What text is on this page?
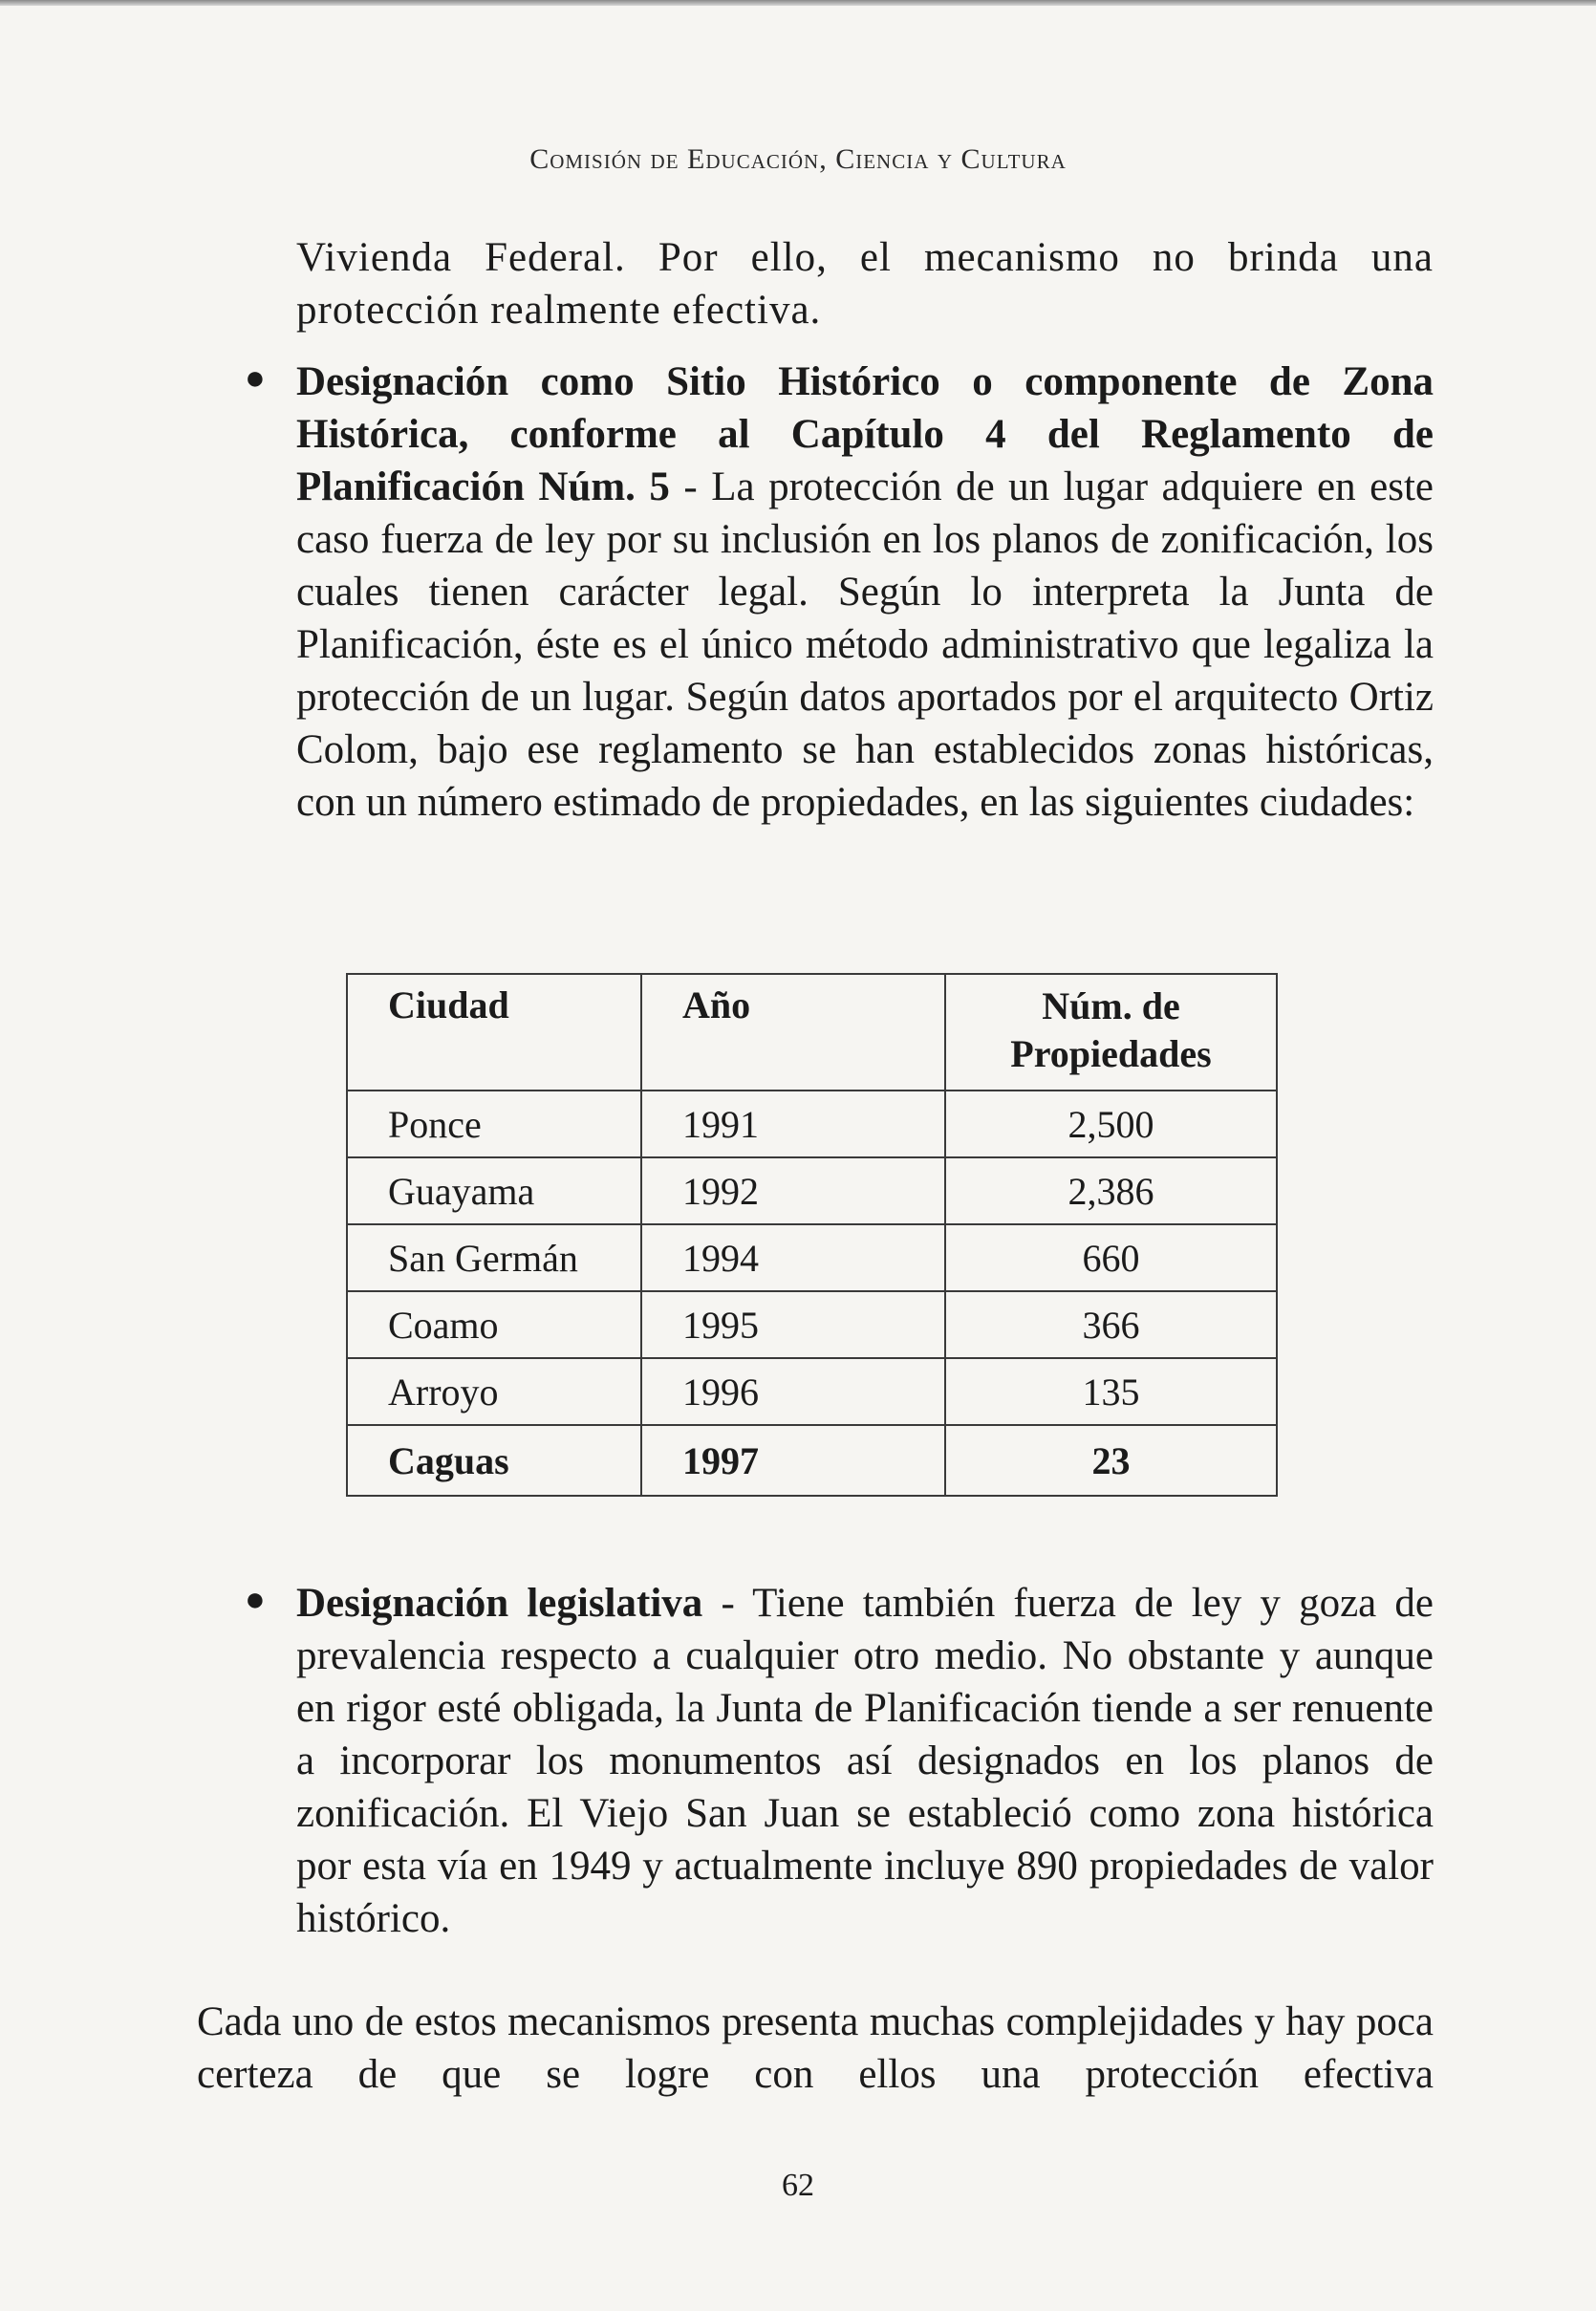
Comisión de Educación, Ciencia y Cultura

Vivienda Federal. Por ello, el mecanismo no brinda una protección realmente efectiva.

● Designación como Sitio Histórico o componente de Zona Histórica, conforme al Capítulo 4 del Reglamento de Planificación Núm. 5 - La protección de un lugar adquiere en este caso fuerza de ley por su inclusión en los planos de zonificación, los cuales tienen carácter legal. Según lo interpreta la Junta de Planificación, éste es el único método administrativo que legaliza la protección de un lugar. Según datos aportados por el arquitecto Ortiz Colom, bajo ese reglamento se han establecidos zonas históricas, con un número estimado de propiedades, en las siguientes ciudades:

Ciudad	Año	Núm. de Propiedades
Ponce	1991	2,500
Guayama	1992	2,386
San Germán	1994	660
Coamo	1995	366
Arroyo	1996	135
Caguas	1997	23
● Designación legislativa - Tiene también fuerza de ley y goza de prevalencia respecto a cualquier otro medio. No obstante y aunque en rigor esté obligada, la Junta de Planificación tiende a ser renuente a incorporar los monumentos así designados en los planos de zonificación. El Viejo San Juan se estableció como zona histórica por esta vía en 1949 y actualmente incluye 890 propiedades de valor histórico.

Cada uno de estos mecanismos presenta muchas complejidades y hay poca certeza de que se logre con ellos una protección efectiva
62
